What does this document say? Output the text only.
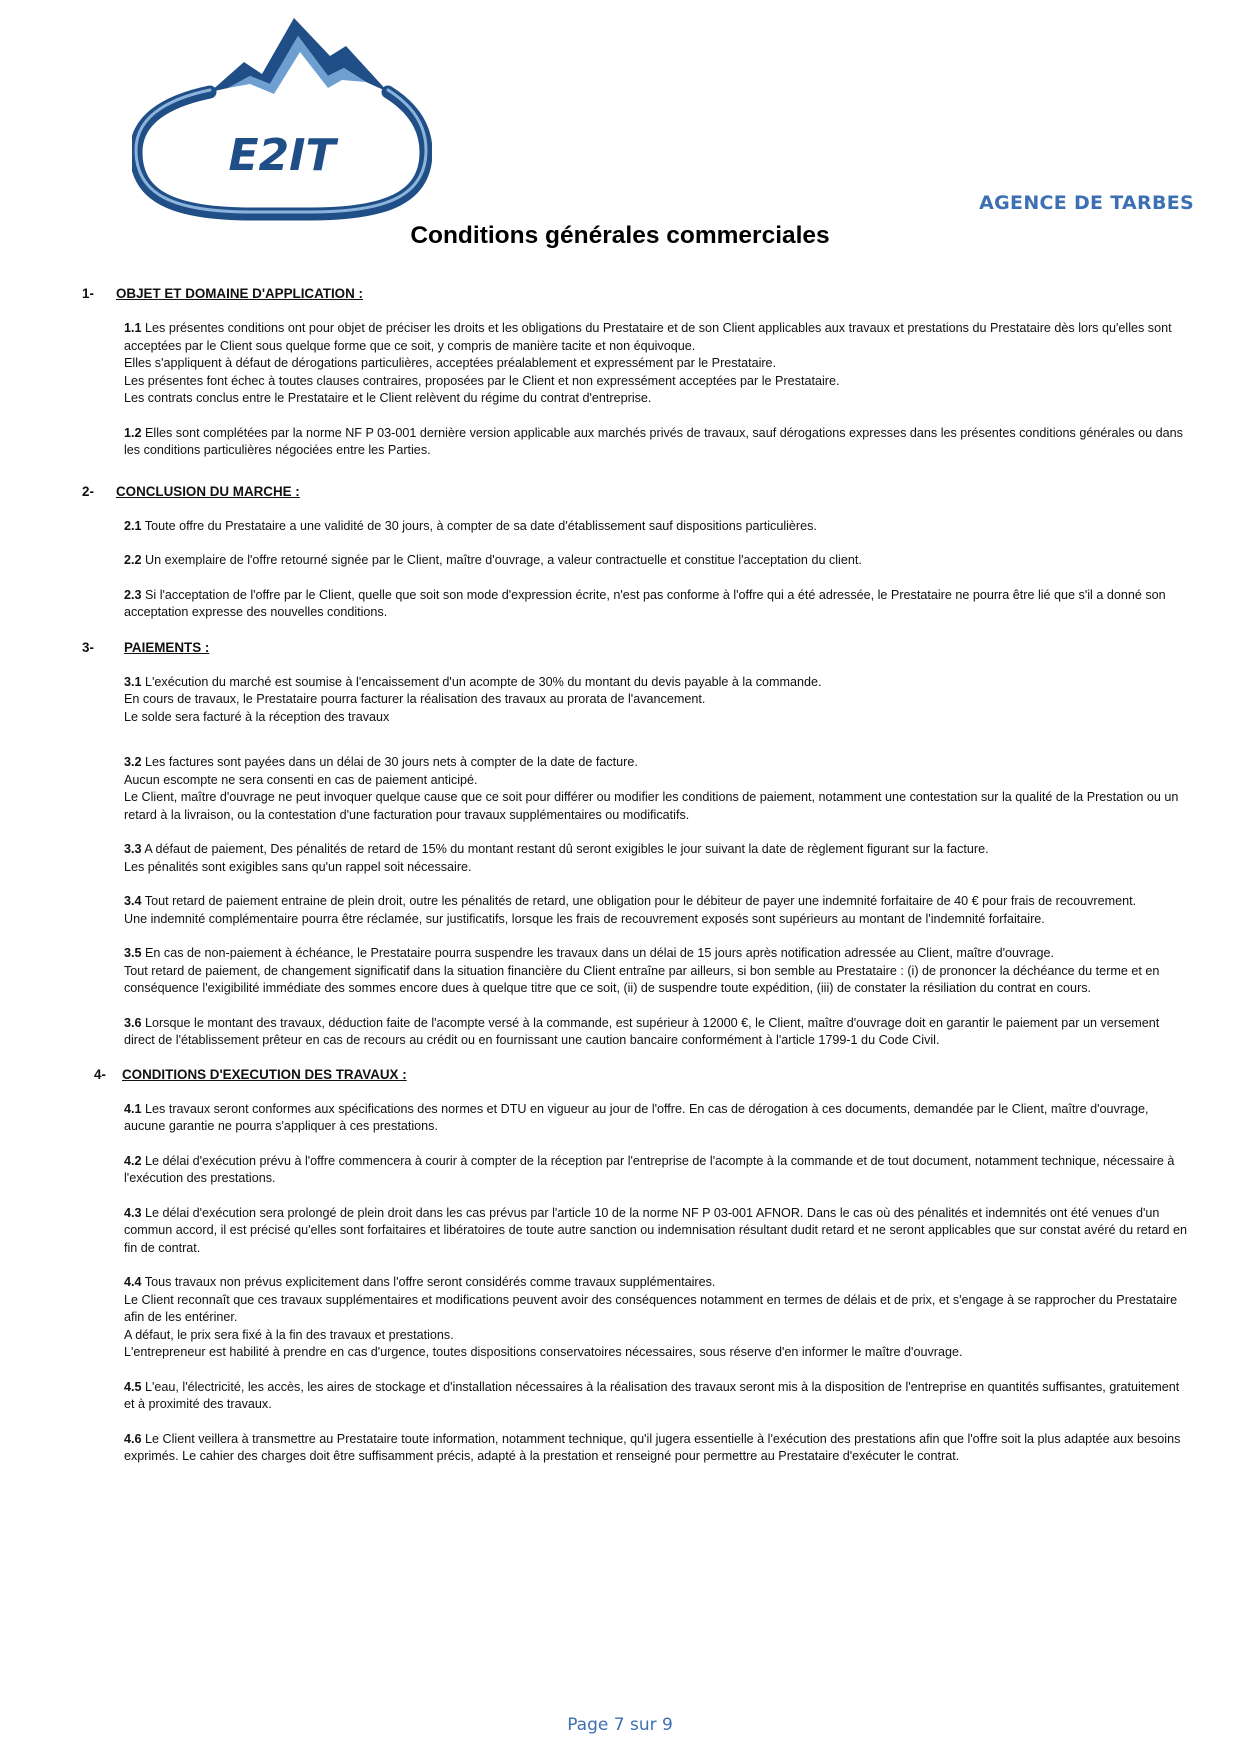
E2IT
AGENCE DE TARBES
Conditions générales commerciales
1- OBJET ET DOMAINE D'APPLICATION :
1.1 Les présentes conditions ont pour objet de préciser les droits et les obligations du Prestataire et de son Client applicables aux travaux et prestations du Prestataire dès lors qu'elles sont acceptées par le Client sous quelque forme que ce soit, y compris de manière tacite et non équivoque.
Elles s'appliquent à défaut de dérogations particulières, acceptées préalablement et expressément par le Prestataire.
Les présentes font échec à toutes clauses contraires, proposées par le Client et non expressément acceptées par le Prestataire.
Les contrats conclus entre le Prestataire et le Client relèvent du régime du contrat d'entreprise.
1.2 Elles sont complétées par la norme NF P 03-001 dernière version applicable aux marchés privés de travaux, sauf dérogations expresses dans les présentes conditions générales ou dans les conditions particulières négociées entre les Parties.
2- CONCLUSION DU MARCHE :
2.1 Toute offre du Prestataire a une validité de 30 jours, à compter de sa date d'établissement sauf dispositions particulières.
2.2 Un exemplaire de l'offre retourné signée par le Client, maître d'ouvrage, a valeur contractuelle et constitue l'acceptation du client.
2.3 Si l'acceptation de l'offre par le Client, quelle que soit son mode d'expression écrite, n'est pas conforme à l'offre qui a été adressée, le Prestataire ne pourra être lié que s'il a donné son acceptation expresse des nouvelles conditions.
3- PAIEMENTS :
3.1 L'exécution du marché est soumise à l'encaissement d'un acompte de 30% du montant du devis payable à la commande.
En cours de travaux, le Prestataire pourra facturer la réalisation des travaux au prorata de l'avancement.
Le solde sera facturé à la réception des travaux
3.2 Les factures sont payées dans un délai de 30 jours nets à compter de la date de facture.
Aucun escompte ne sera consenti en cas de paiement anticipé.
Le Client, maître d'ouvrage ne peut invoquer quelque cause que ce soit pour différer ou modifier les conditions de paiement, notamment une contestation sur la qualité de la Prestation ou un retard à la livraison, ou la contestation d'une facturation pour travaux supplémentaires ou modificatifs.
3.3 A défaut de paiement, Des pénalités de retard de 15% du montant restant dû seront exigibles le jour suivant la date de règlement figurant sur la facture.
Les pénalités sont exigibles sans qu'un rappel soit nécessaire.
3.4 Tout retard de paiement entraine de plein droit, outre les pénalités de retard, une obligation pour le débiteur de payer une indemnité forfaitaire de 40 € pour frais de recouvrement.
Une indemnité complémentaire pourra être réclamée, sur justificatifs, lorsque les frais de recouvrement exposés sont supérieurs au montant de l'indemnité forfaitaire.
3.5 En cas de non-paiement à échéance, le Prestataire pourra suspendre les travaux dans un délai de 15 jours après notification adressée au Client, maître d'ouvrage.
Tout retard de paiement, de changement significatif dans la situation financière du Client entraîne par ailleurs, si bon semble au Prestataire : (i) de prononcer la déchéance du terme et en conséquence l'exigibilité immédiate des sommes encore dues à quelque titre que ce soit, (ii) de suspendre toute expédition, (iii) de constater la résiliation du contrat en cours.
3.6 Lorsque le montant des travaux, déduction faite de l'acompte versé à la commande, est supérieur à 12000 €, le Client, maître d'ouvrage doit en garantir le paiement par un versement direct de l'établissement prêteur en cas de recours au crédit ou en fournissant une caution bancaire conformément à l'article 1799-1 du Code Civil.
4- CONDITIONS D'EXECUTION DES TRAVAUX :
4.1 Les travaux seront conformes aux spécifications des normes et DTU en vigueur au jour de l'offre. En cas de dérogation à ces documents, demandée par le Client, maître d'ouvrage, aucune garantie ne pourra s'appliquer à ces prestations.
4.2 Le délai d'exécution prévu à l'offre commencera à courir à compter de la réception par l'entreprise de l'acompte à la commande et de tout document, notamment technique, nécessaire à l'exécution des prestations.
4.3 Le délai d'exécution sera prolongé de plein droit dans les cas prévus par l'article 10 de la norme NF P 03-001 AFNOR. Dans le cas où des pénalités et indemnités ont été venues d'un commun accord, il est précisé qu'elles sont forfaitaires et libératoires de toute autre sanction ou indemnisation résultant dudit retard et ne seront applicables que sur constat avéré du retard en fin de contrat.
4.4 Tous travaux non prévus explicitement dans l'offre seront considérés comme travaux supplémentaires.
Le Client reconnaît que ces travaux supplémentaires et modifications peuvent avoir des conséquences notamment en termes de délais et de prix, et s'engage à se rapprocher du Prestataire afin de les entériner.
A défaut, le prix sera fixé à la fin des travaux et prestations.
L'entrepreneur est habilité à prendre en cas d'urgence, toutes dispositions conservatoires nécessaires, sous réserve d'en informer le maître d'ouvrage.
4.5 L'eau, l'électricité, les accès, les aires de stockage et d'installation nécessaires à la réalisation des travaux seront mis à la disposition de l'entreprise en quantités suffisantes, gratuitement et à proximité des travaux.
4.6 Le Client veillera à transmettre au Prestataire toute information, notamment technique, qu'il jugera essentielle à l'exécution des prestations afin que l'offre soit la plus adaptée aux besoins exprimés. Le cahier des charges doit être suffisamment précis, adapté à la prestation et renseigné pour permettre au Prestataire d'exécuter le contrat.
Page 7 sur 9
